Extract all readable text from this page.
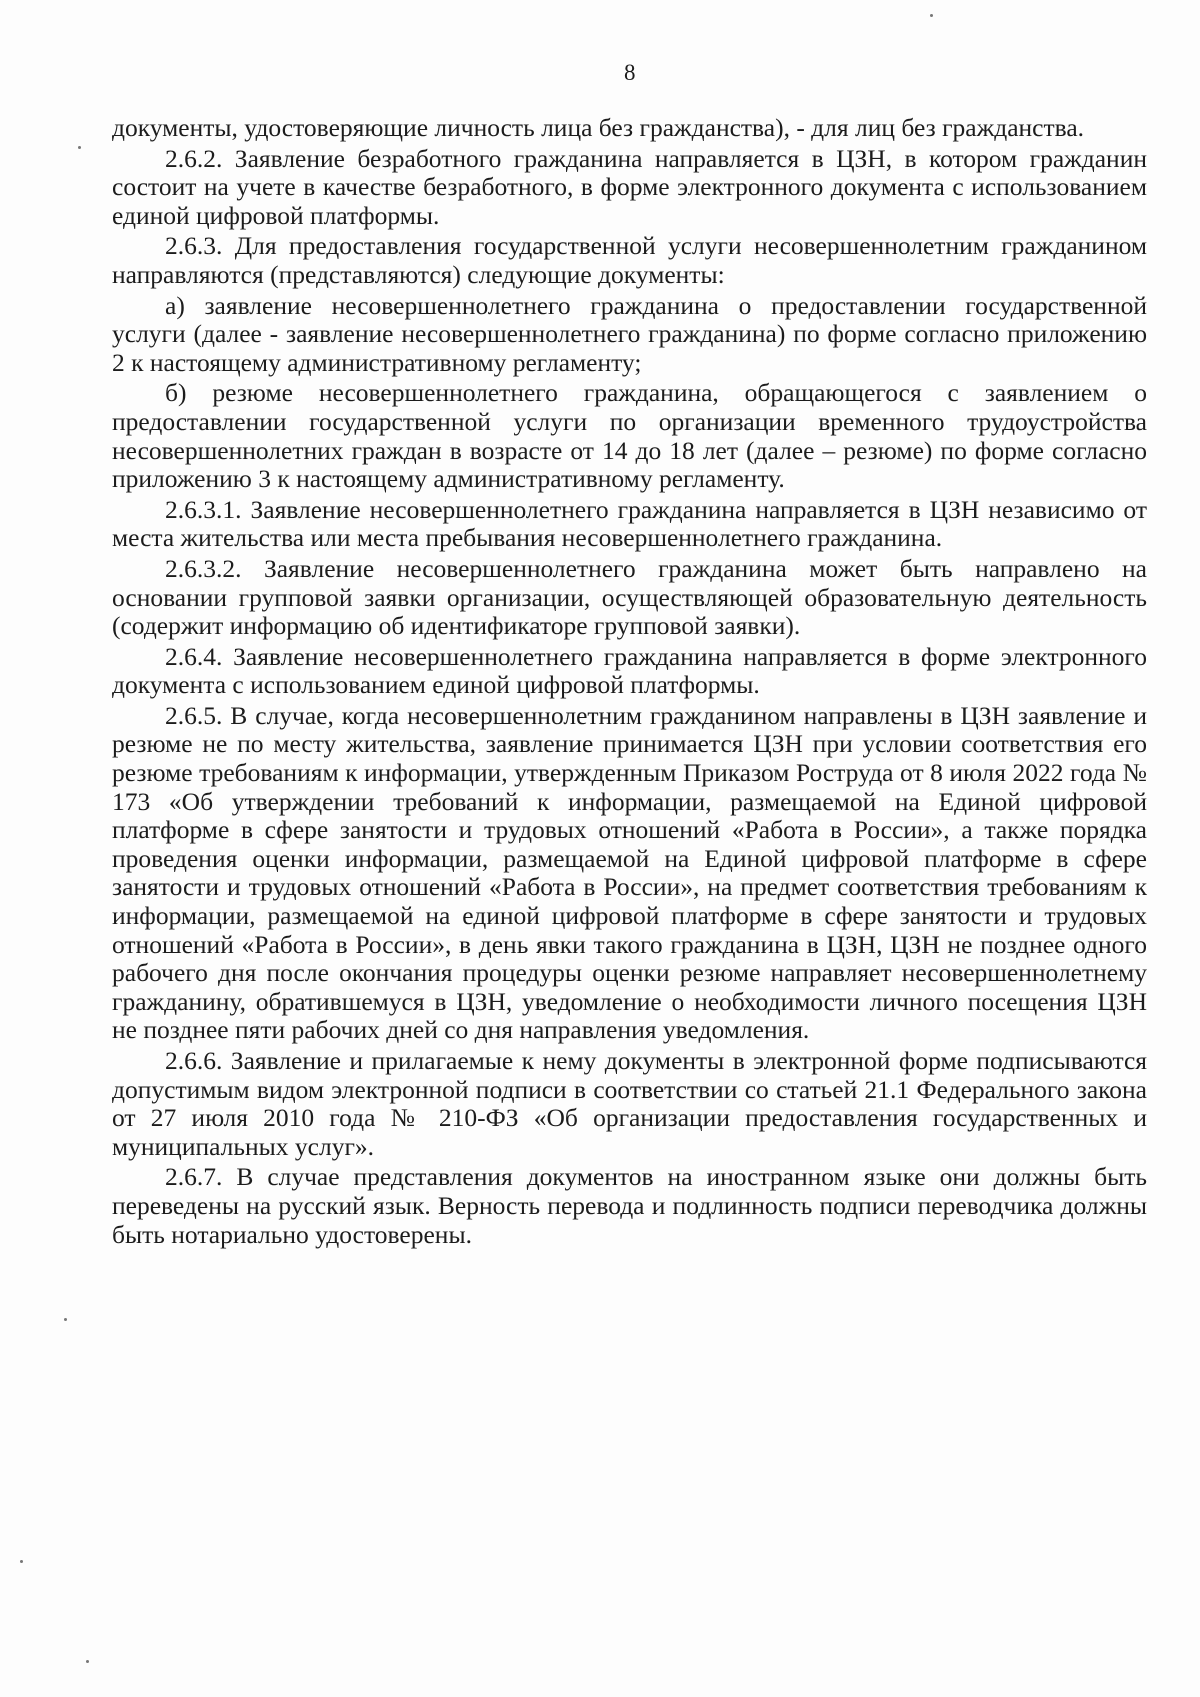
8

документы, удостоверяющие личность лица без гражданства), - для лиц без гражданства.

2.6.2. Заявление безработного гражданина направляется в ЦЗН, в котором гражданин состоит на учете в качестве безработного, в форме электронного документа с использованием единой цифровой платформы.

2.6.3. Для предоставления государственной услуги несовершеннолетним гражданином направляются (представляются) следующие документы:

а) заявление несовершеннолетнего гражданина о предоставлении государственной услуги (далее - заявление несовершеннолетнего гражданина) по форме согласно приложению 2 к настоящему административному регламенту;

б) резюме несовершеннолетнего гражданина, обращающегося с заявлением о предоставлении государственной услуги по организации временного трудоустройства несовершеннолетних граждан в возрасте от 14 до 18 лет (далее – резюме) по форме согласно приложению 3 к настоящему административному регламенту.

2.6.3.1. Заявление несовершеннолетнего гражданина направляется в ЦЗН независимо от места жительства или места пребывания несовершеннолетнего гражданина.

2.6.3.2. Заявление несовершеннолетнего гражданина может быть направлено на основании групповой заявки организации, осуществляющей образовательную деятельность (содержит информацию об идентификаторе групповой заявки).

2.6.4. Заявление несовершеннолетнего гражданина направляется в форме электронного документа с использованием единой цифровой платформы.

2.6.5. В случае, когда несовершеннолетним гражданином направлены в ЦЗН заявление и резюме не по месту жительства, заявление принимается ЦЗН при условии соответствия его резюме требованиям к информации, утвержденным Приказом Роструда от 8 июля 2022 года № 173 «Об утверждении требований к информации, размещаемой на Единой цифровой платформе в сфере занятости и трудовых отношений «Работа в России», а также порядка проведения оценки информации, размещаемой на Единой цифровой платформе в сфере занятости и трудовых отношений «Работа в России», на предмет соответствия требованиям к информации, размещаемой на единой цифровой платформе в сфере занятости и трудовых отношений «Работа в России», в день явки такого гражданина в ЦЗН, ЦЗН не позднее одного рабочего дня после окончания процедуры оценки резюме направляет несовершеннолетнему гражданину, обратившемуся в ЦЗН, уведомление о необходимости личного посещения ЦЗН не позднее пяти рабочих дней со дня направления уведомления.

2.6.6. Заявление и прилагаемые к нему документы в электронной форме подписываются допустимым видом электронной подписи в соответствии со статьей 21.1 Федерального закона от 27 июля 2010 года № 210-ФЗ «Об организации предоставления государственных и муниципальных услуг».

2.6.7. В случае представления документов на иностранном языке они должны быть переведены на русский язык. Верность перевода и подлинность подписи переводчика должны быть нотариально удостоверены.
